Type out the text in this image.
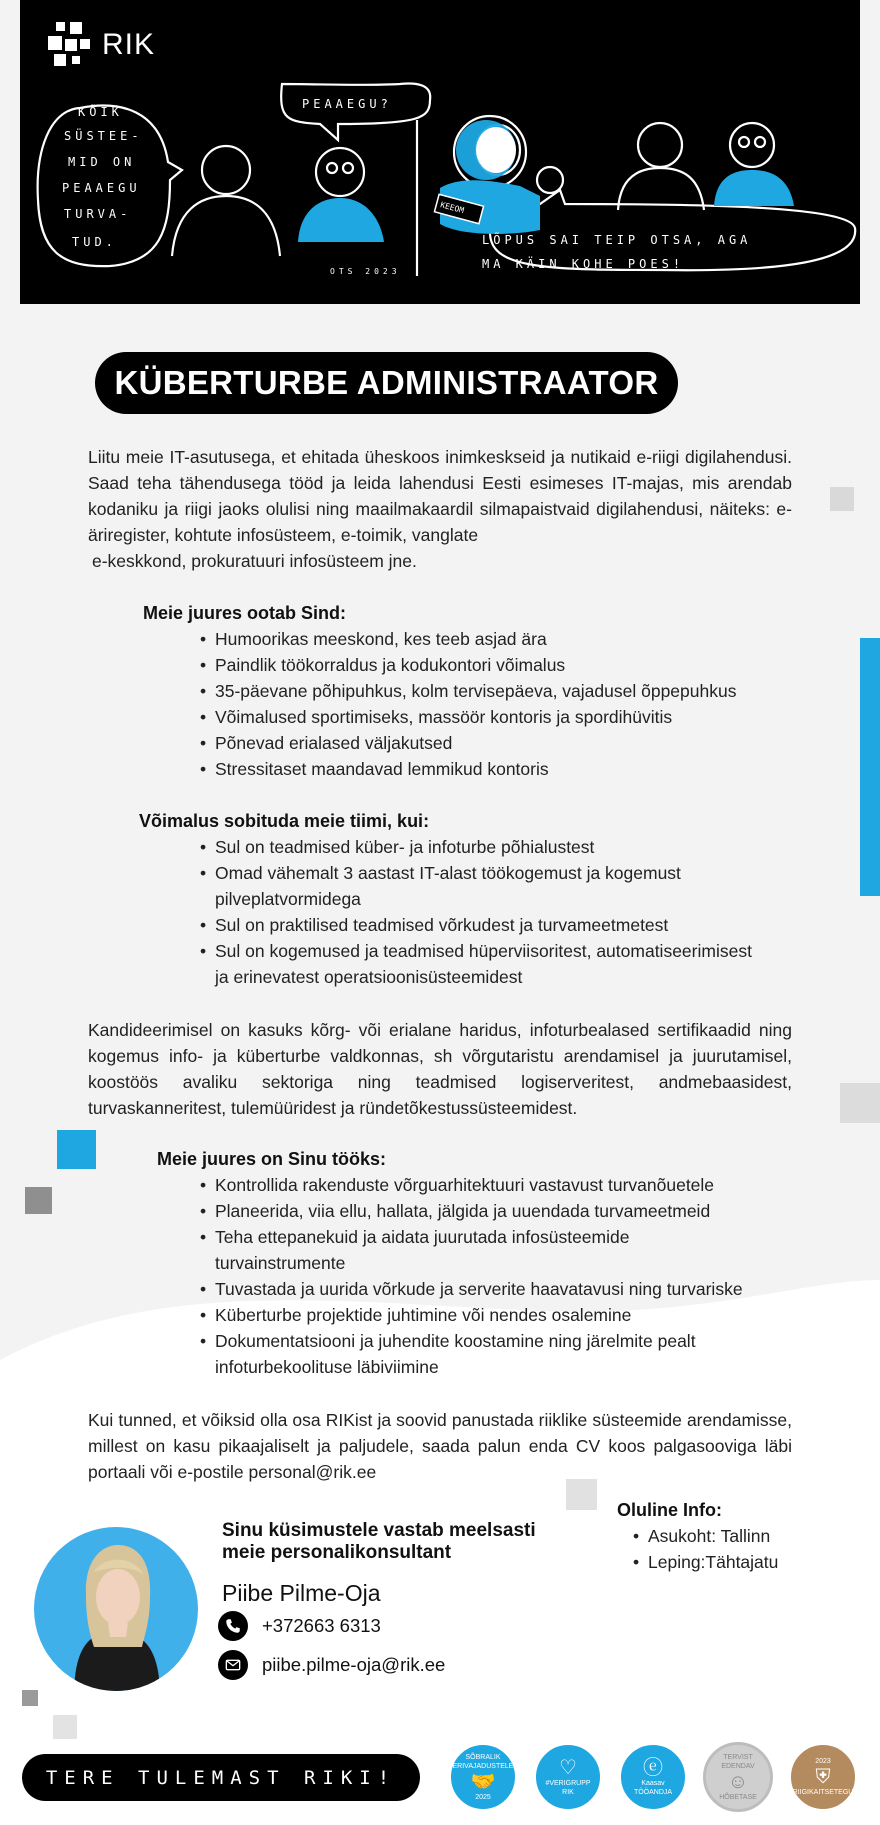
RIK
KEEOM
KÕIK
SÜSTEE-
MID ON
PEAAEGU
TURVA-
TUD.
PEAAEGU?
LÕPUS SAI TEIP OTSA, AGA
MA KÄIN KOHE POES!
OTS 2023
KÜBERTURBE ADMINISTRAATOR

Liitu meie IT-asutusega, et ehitada üheskoos inimkeskseid ja nutikaid e-riigi digilahendusi. Saad teha tähendusega tööd ja leida lahendusi Eesti esimeses IT-majas, mis arendab kodaniku ja riigi jaoks olulisi ning maailmakaardil silmapaistvaid digilahendusi, näiteks: e-äriregister, kohtute infosüsteem, e-toimik, vanglate

e-keskkond, prokuratuuri infosüsteem jne.

Meie juures ootab Sind:
• Humoorikas meeskond, kes teeb asjad ära
• Paindlik töökorraldus ja kodukontori võimalus
• 35-päevane põhipuhkus, kolm tervisepäeva, vajadusel õppepuhkus
• Võimalused sportimiseks, massöör kontoris ja spordihüvitis
• Põnevad erialased väljakutsed
• Stressitaset maandavad lemmikud kontoris
Võimalus sobituda meie tiimi, kui:
• Sul on teadmised küber- ja infoturbe põhialustest
• Omad vähemalt 3 aastast IT-alast töökogemust ja kogemust
pilveplatvormidega
• Sul on praktilised teadmised võrkudest ja turvameetmetest
• Sul on kogemused ja teadmised hüperviisoritest, automatiseerimisest
ja erinevatest operatsioonisüsteemidest

Kandideerimisel on kasuks kõrg- või erialane haridus, infoturbealased sertifikaadid ning kogemus info- ja küberturbe valdkonnas, sh võrgutaristu arendamisel ja juurutamisel, koostöös avaliku sektoriga ning teadmised logiserveritest, andmebaasidest, turvaskanneritest, tulemüüridest ja ründetõkestussüsteemidest.

Meie juures on Sinu tööks:
• Kontrollida rakenduste võrguarhitektuuri vastavust turvanõuetele
• Planeerida, viia ellu, hallata, jälgida ja uuendada turvameetmeid
• Teha ettepanekuid ja aidata juurutada infosüsteemide
turvainstrumente
• Tuvastada ja uurida võrkude ja serverite haavatavusi ning turvariske
• Küberturbe projektide juhtimine või nendes osalemine
• Dokumentatsiooni ja juhendite koostamine ning järelmite pealt
infoturbekoolituse läbiviimine

Kui tunned, et võiksid olla osa RIKist ja soovid panustada riiklike süsteemide arendamisse, millest on kasu pikaajaliselt ja paljudele, saada palun enda CV koos palgasooviga läbi portaali või e-postile personal@rik.ee

Sinu küsimustele vastab meelsasti meie personalikonsultant
Piibe Pilme-Oja
+372663 6313
piibe.pilme-oja@rik.ee
Oluline Info:
• Asukoht: Tallinn
• Leping:Tähtajatu
TERE TULEMAST RIKI!
SÕBRALIK ERIVAJADUSTELE
🤝
2025
♡
#VERIGRUPP
RIK
ⓔ
Kaasav
TÖÖANDJA
TERVIST EDENDAV
☺
HÕBETASE
2023
⛨
RIIGIKAITSETEGU
